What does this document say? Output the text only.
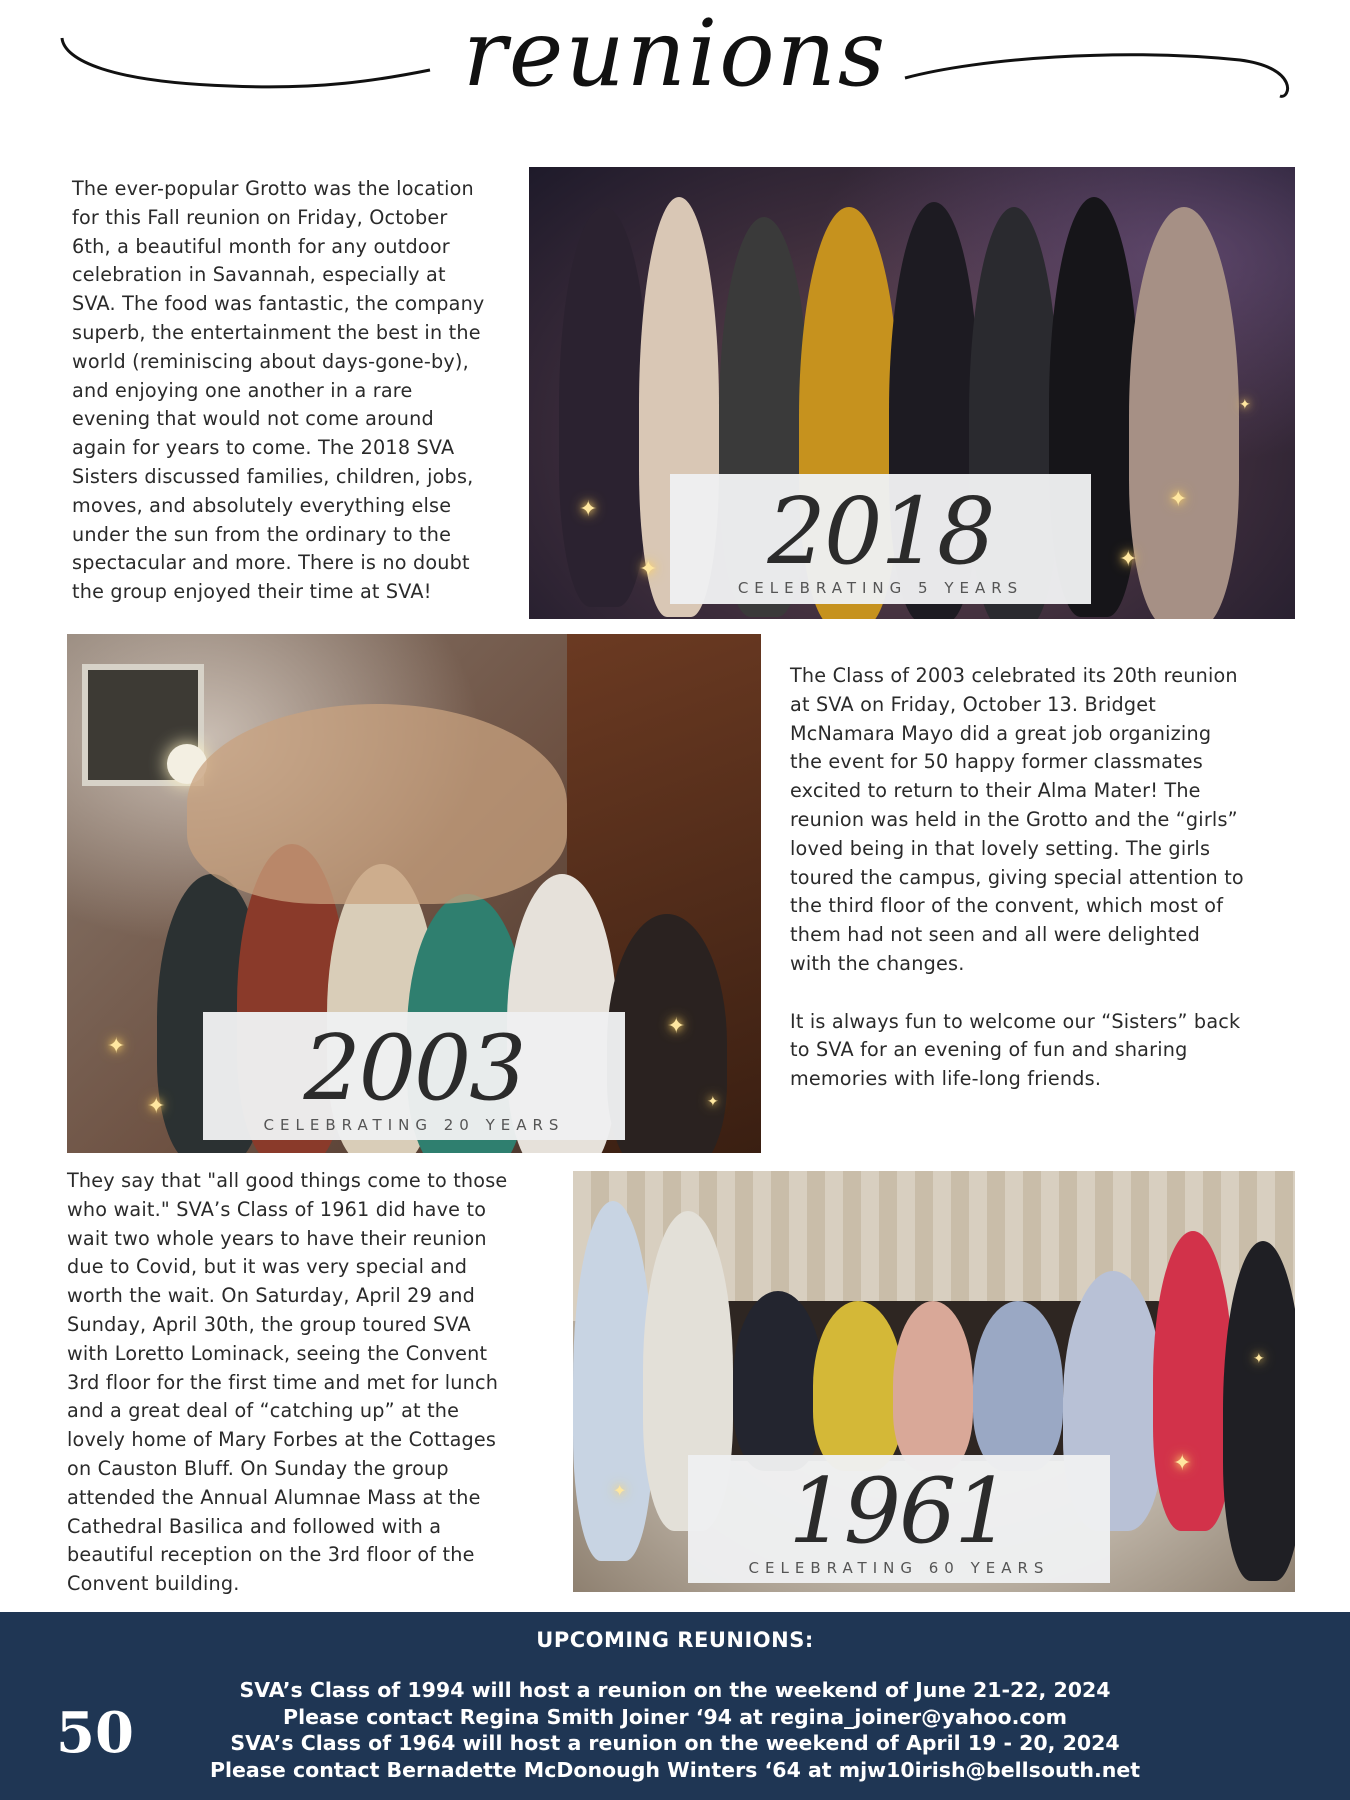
reunions

The ever-popular Grotto was the location
for this Fall reunion on Friday, October
6th, a beautiful month for any outdoor
celebration in Savannah, especially at
SVA. The food was fantastic, the company
superb, the entertainment the best in the
world (reminiscing about days-gone-by),
and enjoying one another in a rare
evening that would not come around
again for years to come. The 2018 SVA
Sisters discussed families, children, jobs,
moves, and absolutely everything else
under the sun from the ordinary to the
spectacular and more. There is no doubt
the group enjoyed their time at SVA!

✦
✦
✦
✦
✦
2018
CELEBRATING 5 YEARS
✦
✦
✦
✦
2003
CELEBRATING 20 YEARS

The Class of 2003 celebrated its 20th reunion
at SVA on Friday, October 13. Bridget
McNamara Mayo did a great job organizing
the event for 50 happy former classmates
excited to return to their Alma Mater! The
reunion was held in the Grotto and the “girls”
loved being in that lovely setting. The girls
toured the campus, giving special attention to
the third floor of the convent, which most of
them had not seen and all were delighted
with the changes.

It is always fun to welcome our “Sisters” back
to SVA for an evening of fun and sharing
memories with life-long friends.

They say that "all good things come to those
who wait." SVA’s Class of 1961 did have to
wait two whole years to have their reunion
due to Covid, but it was very special and
worth the wait. On Saturday, April 29 and
Sunday, April 30th, the group toured SVA
with Loretto Lominack, seeing the Convent
3rd floor for the first time and met for lunch
and a great deal of “catching up” at the
lovely home of Mary Forbes at the Cottages
on Causton Bluff. On Sunday the group
attended the Annual Alumnae Mass at the
Cathedral Basilica and followed with a
beautiful reception on the 3rd floor of the
Convent building.

✦
✦
✦
1961
CELEBRATING 60 YEARS
UPCOMING REUNIONS:
SVA’s Class of 1994 will host a reunion on the weekend of June 21-22, 2024
Please contact Regina Smith Joiner ‘94 at regina_joiner@yahoo.com
SVA’s Class of 1964 will host a reunion on the weekend of April 19 - 20, 2024
Please contact Bernadette McDonough Winters ‘64 at mjw10irish@bellsouth.net
50
